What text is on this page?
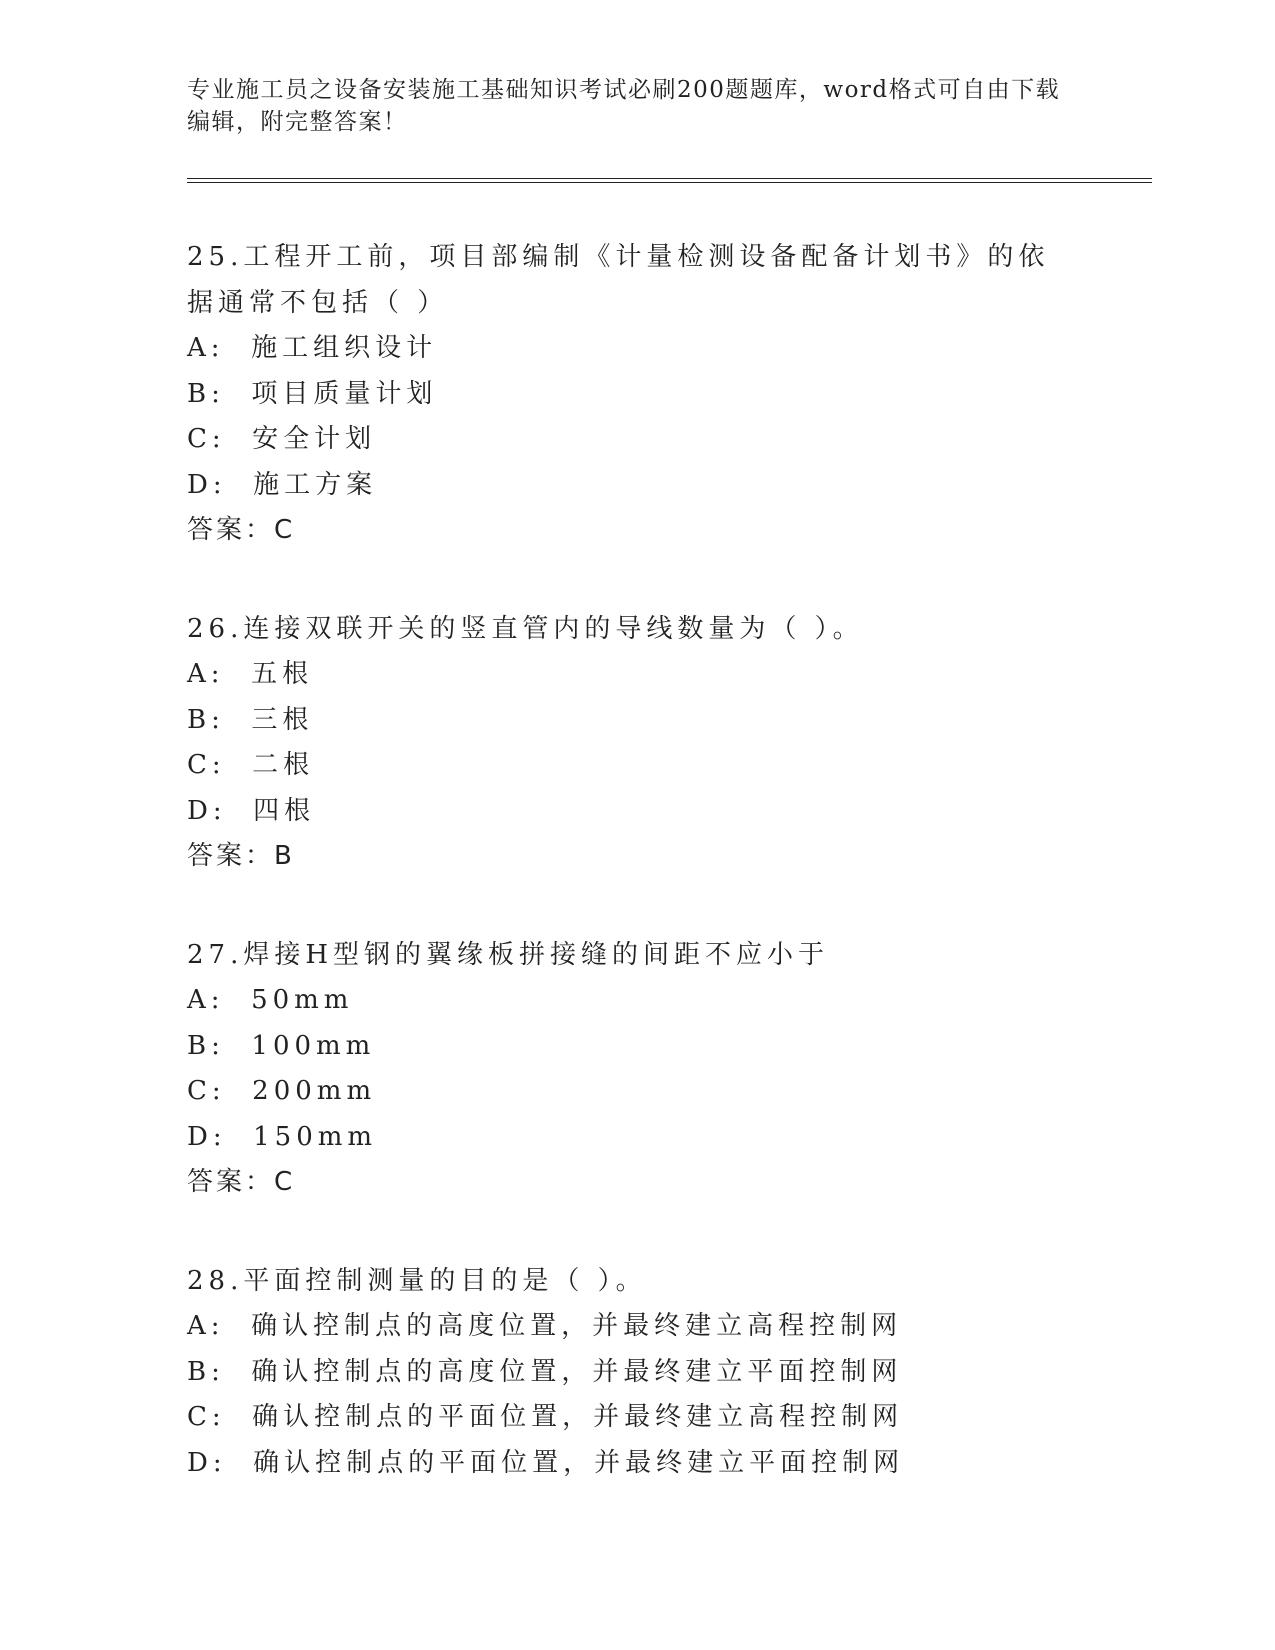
专业施工员之设备安装施工基础知识考试必刷200题题库，word格式可自由下载编辑，附完整答案！

25.工程开工前，项目部编制《计量检测设备配备计划书》的依据通常不包括（ ）

A:  施工组织设计

B:  项目质量计划

C:  安全计划

D:  施工方案

答案：C

26.连接双联开关的竖直管内的导线数量为（ ）。

A:  五根

B:  三根

C:  二根

D:  四根

答案：B

27.焊接H型钢的翼缘板拼接缝的间距不应小于

A:  50mm

B:  100mm

C:  200mm

D:  150mm

答案：C

28.平面控制测量的目的是（ ）。

A:  确认控制点的高度位置，并最终建立高程控制网

B:  确认控制点的高度位置，并最终建立平面控制网

C:  确认控制点的平面位置，并最终建立高程控制网

D:  确认控制点的平面位置，并最终建立平面控制网
